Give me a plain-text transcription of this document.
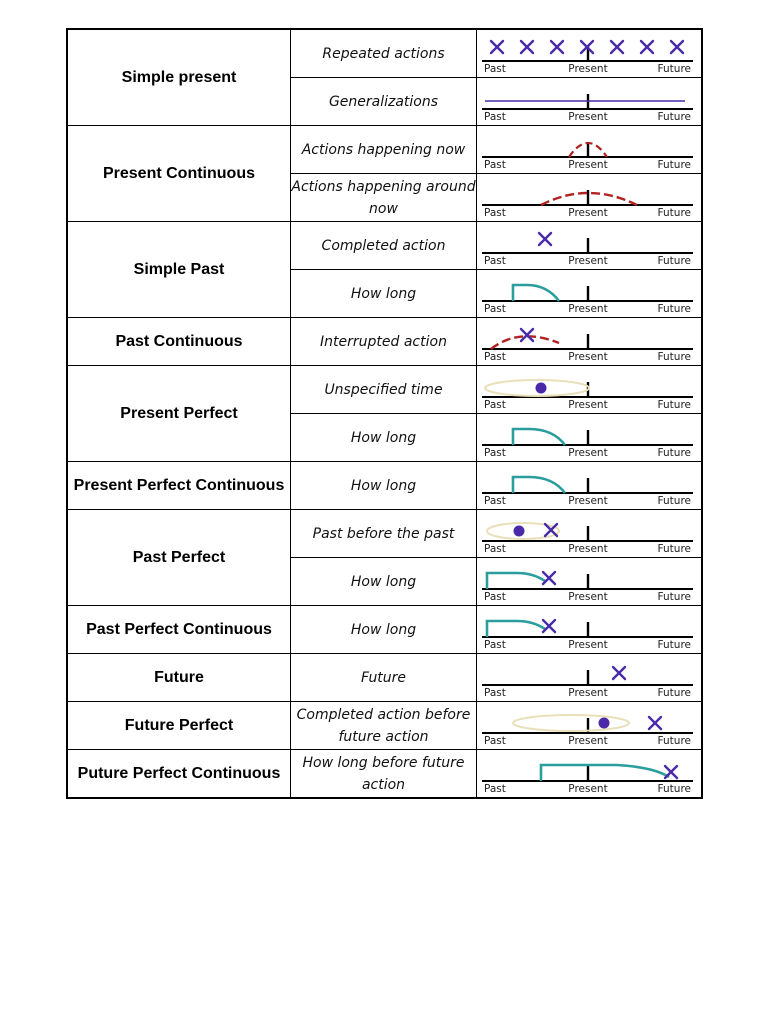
Simple present	Repeated actions	Past Present Future

	Generalizations	Past Present Future

Present Continuous	Actions happening now	Past Present Future

	Actions happening around now	Past Present Future

Simple Past	Completed action	Past Present Future

	How long	Past Present Future

Past Continuous	Interrupted action	Past Present Future

Present Perfect	Unspecified time	Past Present Future

	How long	Past Present Future

Present Perfect Continuous	How long	Past Present Future

Past Perfect	Past before the past	Past Present Future

	How long	Past Present Future

Past Perfect Continuous	How long	Past Present Future

Future	Future	Past Present Future

Future Perfect	Completed action before future action	Past Present Future

Puture Perfect Continuous	How long before future action	Past Present Future
